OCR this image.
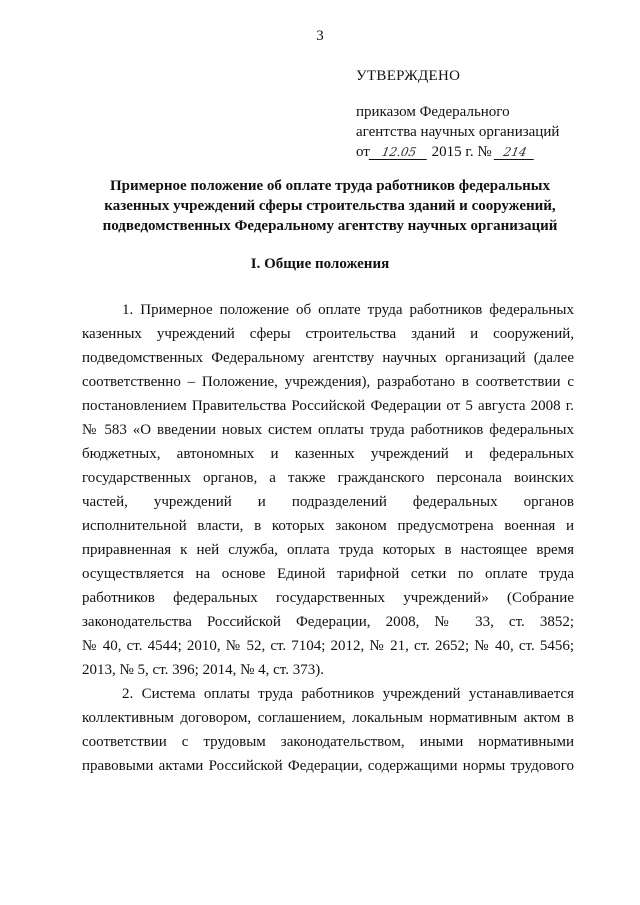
3
УТВЕРЖДЕНО
приказом Федерального
агентства научных организаций
от 12.05 2015 г. № 214
Примерное положение об оплате труда работников федеральных
казенных учреждений сферы строительства зданий и сооружений,
подведомственных Федеральному агентству научных организаций
I. Общие положения
1. Примерное положение об оплате труда работников федеральных
казенных учреждений сферы строительства зданий и сооружений,
подведомственных Федеральному агентству научных организаций (далее
соответственно – Положение, учреждения), разработано в соответствии с
постановлением Правительства Российской Федерации от 5 августа 2008 г.
№ 583 «О введении новых систем оплаты труда работников федеральных
бюджетных, автономных и казенных учреждений и федеральных
государственных органов, а также гражданского персонала воинских
частей, учреждений и подразделений федеральных органов
исполнительной власти, в которых законом предусмотрена военная и
приравненная к ней служба, оплата труда которых в настоящее время
осуществляется на основе Единой тарифной сетки по оплате труда
работников федеральных государственных учреждений» (Собрание
законодательства Российской Федерации, 2008, № 33, ст. 3852;
№ 40, ст. 4544; 2010, № 52, ст. 7104; 2012, № 21, ст. 2652; № 40, ст. 5456;
2013, № 5, ст. 396; 2014, № 4, ст. 373).
2. Система оплаты труда работников учреждений устанавливается
коллективным договором, соглашением, локальным нормативным актом в
соответствии с трудовым законодательством, иными нормативными
правовыми актами Российской Федерации, содержащими нормы трудового
